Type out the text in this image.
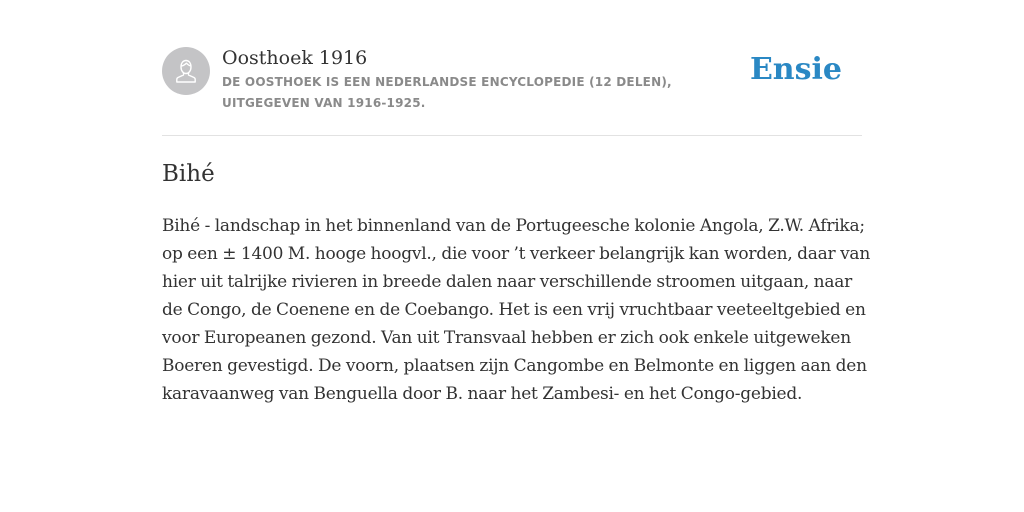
Oosthoek 1916
DE OOSTHOEK IS EEN NEDERLANDSE ENCYCLOPEDIE (12 DELEN), UITGEGEVEN VAN 1916-1925.
Ensie
Bihé

Bihé - landschap in het binnenland van de Portugeesche kolonie Angola, Z.W. Afrika; op een ± 1400 M. hooge hoogvl., die voor ’t verkeer belangrijk kan worden, daar van hier uit talrijke rivieren in breede dalen naar verschillende stroomen uitgaan, naar de Congo, de Coenene en de Coebango. Het is een vrij vruchtbaar veeteeltgebied en voor Europeanen gezond. Van uit Transvaal hebben er zich ook enkele uitgeweken Boeren gevestigd. De voorn, plaatsen zijn Cangombe en Belmonte en liggen aan den karavaanweg van Benguella door B. naar het Zambesi- en het Congo-gebied.
